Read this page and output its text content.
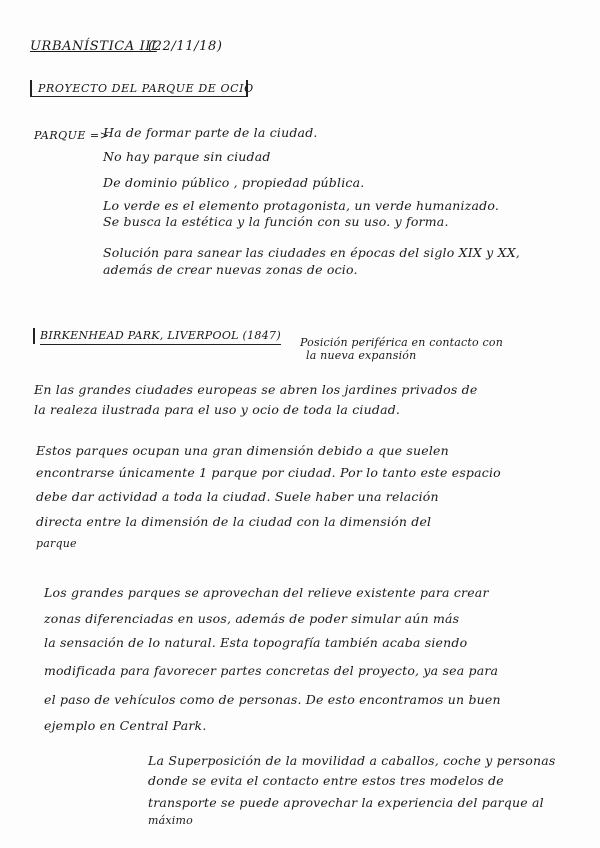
URBANÍSTICA III
(22/11/18)
PROYECTO DEL PARQUE DE OCIO
PARQUE =>
Ha de formar parte de la ciudad.
No hay parque sin ciudad
De dominio público , propiedad pública.
Lo verde es el elemento protagonista, un verde humanizado.
Se busca la estética y la función con su uso. y forma.
Solución para sanear las ciudades en épocas del siglo XIX y XX,
además de crear nuevas zonas de ocio.
BIRKENHEAD PARK, LIVERPOOL (1847)
Posición periférica en contacto con
la nueva expansión
En las grandes ciudades europeas se abren los jardines privados de
la realeza ilustrada para el uso y ocio de toda la ciudad.
Estos parques ocupan una gran dimensión debido a que suelen
encontrarse únicamente 1 parque por ciudad. Por lo tanto este espacio
debe dar actividad a toda la ciudad. Suele haber una relación
directa entre la dimensión de la ciudad con la dimensión del
parque
Los grandes parques se aprovechan del relieve existente para crear
zonas diferenciadas en usos, además de poder simular aún más
la sensación de lo natural. Esta topografía también acaba siendo
modificada para favorecer partes concretas del proyecto, ya sea para
el paso de vehículos como de personas. De esto encontramos un buen
ejemplo en Central Park.
La Superposición de la movilidad a caballos, coche y personas
donde se evita el contacto entre estos tres modelos de
transporte se puede aprovechar la experiencia del parque al
máximo
